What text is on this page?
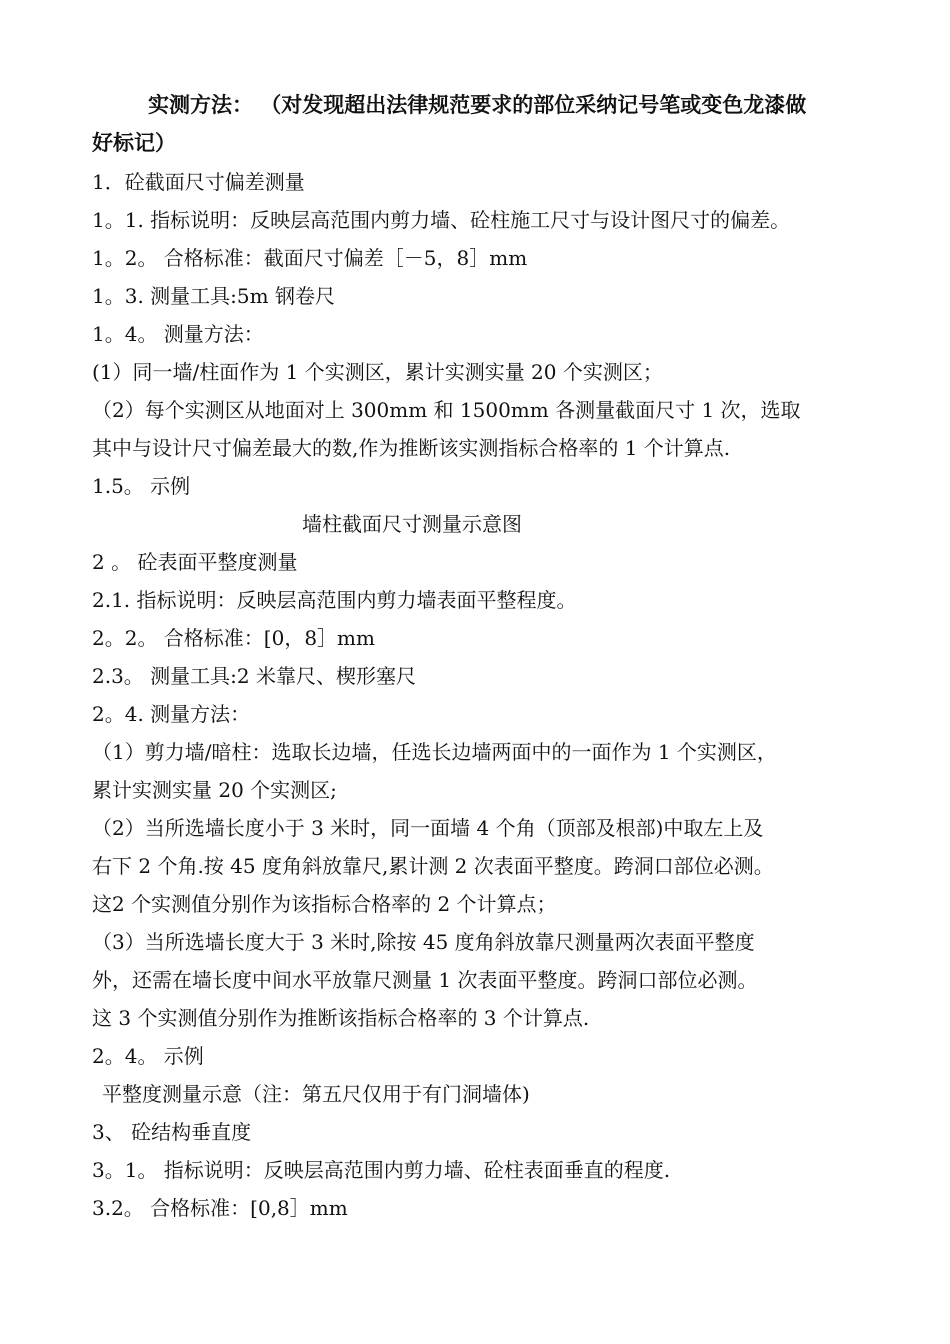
实测方法： （对发现超出法律规范要求的部位采纳记号笔或变色龙漆做
好标记）
1．砼截面尺寸偏差测量
1。1. 指标说明：反映层高范围内剪力墙、砼柱施工尺寸与设计图尺寸的偏差。
1。2。 合格标准：截面尺寸偏差［－5，8］mm
1。3. 测量工具:5m 钢卷尺
1。4。 测量方法：
(1）同一墙/柱面作为 1 个实测区，累计实测实量 20 个实测区；
（2）每个实测区从地面对上 300mm 和 1500mm 各测量截面尺寸 1 次，选取
其中与设计尺寸偏差最大的数,作为推断该实测指标合格率的 1 个计算点.
1.5。 示例
墙柱截面尺寸测量示意图
2 。 砼表面平整度测量
2.1. 指标说明：反映层高范围内剪力墙表面平整程度。
2。2。 合格标准：[0，8］mm
2.3。 测量工具:2 米靠尺、楔形塞尺
2。4. 测量方法：
（1）剪力墙/暗柱：选取长边墙，任选长边墙两面中的一面作为 1 个实测区，
累计实测实量 20 个实测区;
（2）当所选墙长度小于 3 米时，同一面墙 4 个角（顶部及根部)中取左上及
右下 2 个角.按 45 度角斜放靠尺,累计测 2 次表面平整度。跨洞口部位必测。
这2 个实测值分别作为该指标合格率的 2 个计算点；
（3）当所选墙长度大于 3 米时,除按 45 度角斜放靠尺测量两次表面平整度
外，还需在墙长度中间水平放靠尺测量 1 次表面平整度。跨洞口部位必测。
这 3 个实测值分别作为推断该指标合格率的 3 个计算点.
2。4。 示例
平整度测量示意（注：第五尺仅用于有门洞墙体)
3、 砼结构垂直度
3。1。 指标说明：反映层高范围内剪力墙、砼柱表面垂直的程度.
3.2。 合格标准：[0,8］mm
